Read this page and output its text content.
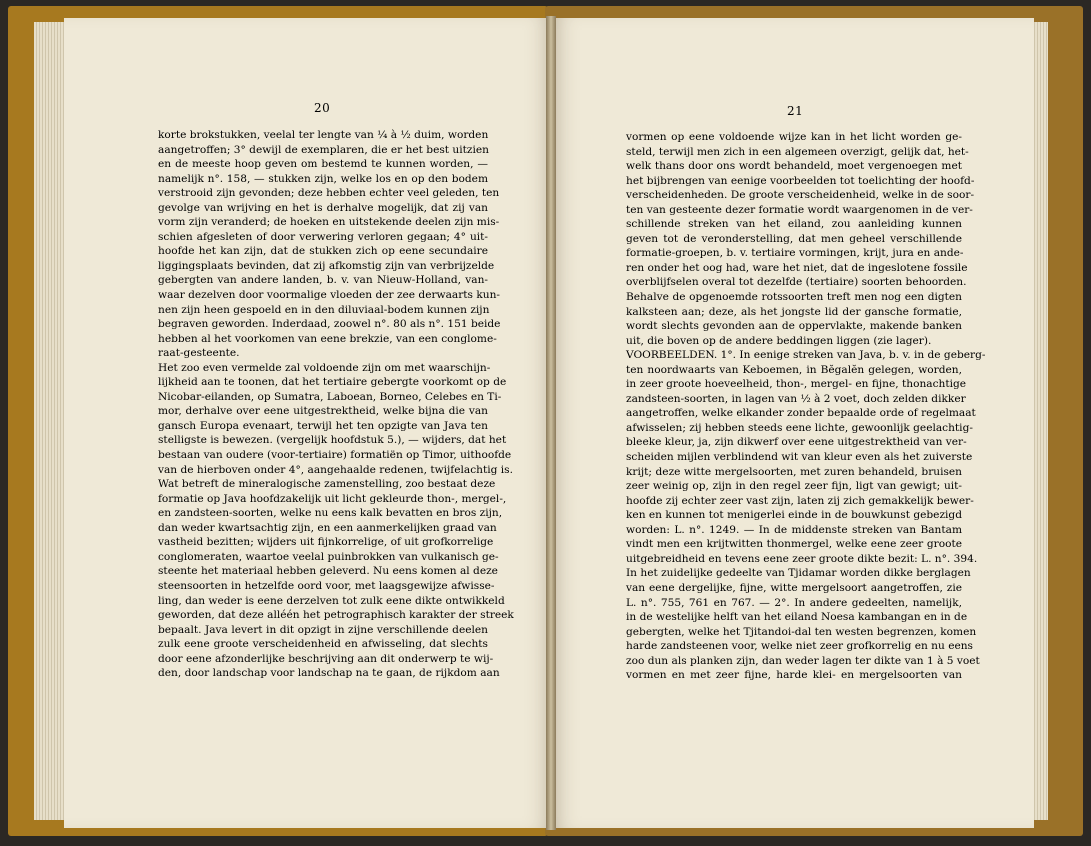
20	21
korte brokstukken, veelal ter lengte van ¼ à ½ duim, worden
aangetroffen; 3° dewijl de exemplaren, die er het best uitzien
en de meeste hoop geven om bestemd te kunnen worden, —
namelijk n°. 158, — stukken zijn, welke los en op den bodem
verstrooid zijn gevonden; deze hebben echter veel geleden, ten
gevolge van wrijving en het is derhalve mogelijk, dat zij van
vorm zijn veranderd; de hoeken en uitstekende deelen zijn mis-
schien afgesleten of door verwering verloren gegaan; 4° uit-
hoofde het kan zijn, dat de stukken zich op eene secundaire
liggingsplaats bevinden, dat zij afkomstig zijn van verbrijzelde
gebergten van andere landen, b. v. van Nieuw-Holland, van-
waar dezelven door voormalige vloeden der zee derwaarts kun-
nen zijn heen gespoeld en in den diluviaal-bodem kunnen zijn
begraven geworden. Inderdaad, zoowel n°. 80 als n°. 151 beide
hebben al het voorkomen van eene brekzie, van een conglome-
raat-gesteente.
Het zoo even vermelde zal voldoende zijn om met waarschijn-
lijkheid aan te toonen, dat het tertiaire gebergte voorkomt op de
Nicobar-eilanden, op Sumatra, Laboean, Borneo, Celebes en Ti-
mor, derhalve over eene uitgestrektheid, welke bijna die van
gansch Europa evenaart, terwijl het ten opzigte van Java ten
stelligste is bewezen. (vergelijk hoofdstuk 5.), — wijders, dat het
bestaan van oudere (voor-tertiaire) formatiën op Timor, uithoofde
van de hierboven onder 4°, aangehaalde redenen, twijfelachtig is.
Wat betreft de mineralogische zamenstelling, zoo bestaat deze
formatie op Java hoofdzakelijk uit licht gekleurde thon-, mergel-,
en zandsteen-soorten, welke nu eens kalk bevatten en bros zijn,
dan weder kwartsachtig zijn, en een aanmerkelijken graad van
vastheid bezitten; wijders uit fijnkorrelige, of uit grofkorrelige
conglomeraten, waartoe veelal puinbrokken van vulkanisch ge-
steente het materiaal hebben geleverd. Nu eens komen al deze
steensoorten in hetzelfde oord voor, met laagsgewijze afwisse-
ling, dan weder is eene derzelven tot zulk eene dikte ontwikkeld
geworden, dat deze alléén het petrographisch karakter der streek
bepaalt. Java levert in dit opzigt in zijne verschillende deelen
zulk eene groote verscheidenheid en afwisseling, dat slechts
door eene afzonderlijke beschrijving aan dit onderwerp te wij-
den, door landschap voor landschap na te gaan, de rijkdom aan
vormen op eene voldoende wijze kan in het licht worden ge-
steld, terwijl men zich in een algemeen overzigt, gelijk dat, het-
welk thans door ons wordt behandeld, moet vergenoegen met
het bijbrengen van eenige voorbeelden tot toelichting der hoofd-
verscheidenheden. De groote verscheidenheid, welke in de soor-
ten van gesteente dezer formatie wordt waargenomen in de ver-
schillende streken van het eiland, zou aanleiding kunnen
geven tot de veronderstelling, dat men geheel verschillende
formatie-groepen, b. v. tertiaire vormingen, krijt, jura en ande-
ren onder het oog had, ware het niet, dat de ingeslotene fossile
overblijfselen overal tot dezelfde (tertiaire) soorten behoorden.
Behalve de opgenoemde rotssoorten treft men nog een digten
kalksteen aan; deze, als het jongste lid der gansche formatie,
wordt slechts gevonden aan de oppervlakte, makende banken
uit, die boven op de andere beddingen liggen (zie lager).
VOORBEELDEN. 1°. In eenige streken van Java, b. v. in de geberg-
ten noordwaarts van Keboemen, in Bĕgalĕn gelegen, worden,
in zeer groote hoeveelheid, thon-, mergel- en fijne, thonachtige
zandsteen-soorten, in lagen van ½ à 2 voet, doch zelden dikker
aangetroffen, welke elkander zonder bepaalde orde of regelmaat
afwisselen; zij hebben steeds eene lichte, gewoonlijk geelachtig-
bleeke kleur, ja, zijn dikwerf over eene uitgestrektheid van ver-
scheiden mijlen verblindend wit van kleur even als het zuiverste
krijt; deze witte mergelsoorten, met zuren behandeld, bruisen
zeer weinig op, zijn in den regel zeer fijn, ligt van gewigt; uit-
hoofde zij echter zeer vast zijn, laten zij zich gemakkelijk bewer-
ken en kunnen tot menigerlei einde in de bouwkunst gebezigd
worden: L. n°. 1249. — In de middenste streken van Bantam
vindt men een krijtwitten thonmergel, welke eene zeer groote
uitgebreidheid en tevens eene zeer groote dikte bezit: L. n°. 394.
In het zuidelijke gedeelte van Tjidamar worden dikke berglagen
van eene dergelijke, fijne, witte mergelsoort aangetroffen, zie
L. n°. 755, 761 en 767. — 2°. In andere gedeelten, namelijk,
in de westelijke helft van het eiland Noesa kambangan en in de
gebergten, welke het Tjitandoi-dal ten westen begrenzen, komen
harde zandsteenen voor, welke niet zeer grofkorrelig en nu eens
zoo dun als planken zijn, dan weder lagen ter dikte van 1 à 5 voet
vormen en met zeer fijne, harde klei- en mergelsoorten van
